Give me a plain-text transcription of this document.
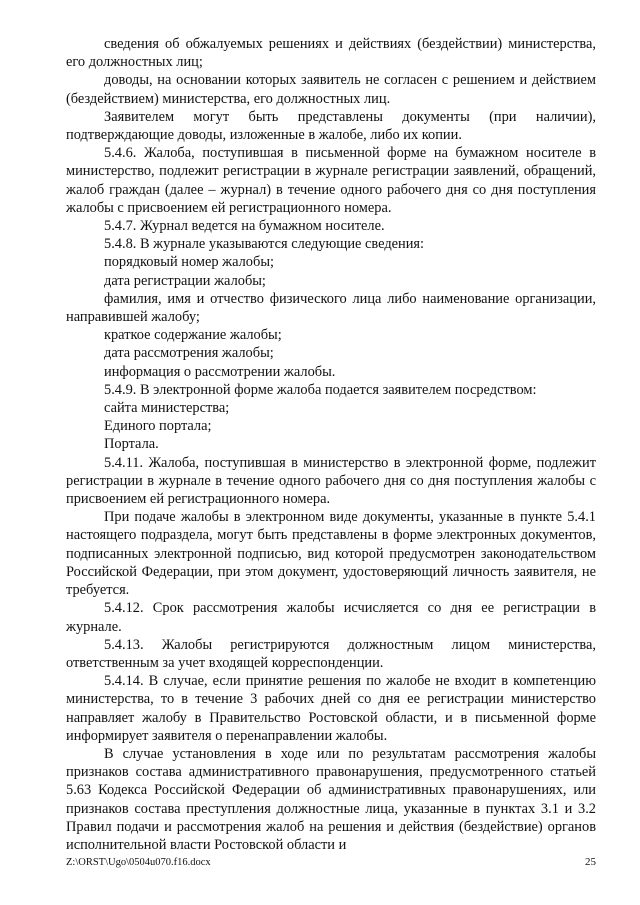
сведения об обжалуемых решениях и действиях (бездействии) министерства, его должностных лиц;

доводы, на основании которых заявитель не согласен с решением и действием (бездействием) министерства, его должностных лиц.

Заявителем могут быть представлены документы (при наличии), подтверждающие доводы, изложенные в жалобе, либо их копии.

5.4.6. Жалоба, поступившая в письменной форме на бумажном носителе в министерство, подлежит регистрации в журнале регистрации заявлений, обращений, жалоб граждан (далее – журнал) в течение одного рабочего дня со дня поступления жалобы с присвоением ей регистрационного номера.

5.4.7. Журнал ведется на бумажном носителе.

5.4.8. В журнале указываются следующие сведения:

порядковый номер жалобы;

дата регистрации жалобы;

фамилия, имя и отчество физического лица либо наименование организации, направившей жалобу;

краткое содержание жалобы;

дата рассмотрения жалобы;

информация о рассмотрении жалобы.

5.4.9. В электронной форме жалоба подается заявителем посредством:

сайта министерства;

Единого портала;

Портала.

5.4.11. Жалоба, поступившая в министерство в электронной форме, подлежит регистрации в журнале в течение одного рабочего дня со дня поступления жалобы с присвоением ей регистрационного номера.

При подаче жалобы в электронном виде документы, указанные в пункте 5.4.1 настоящего подраздела, могут быть представлены в форме электронных документов, подписанных электронной подписью, вид которой предусмотрен законодательством Российской Федерации, при этом документ, удостоверяющий личность заявителя, не требуется.

5.4.12. Срок рассмотрения жалобы исчисляется со дня ее регистрации в журнале.

5.4.13. Жалобы регистрируются должностным лицом министерства, ответственным за учет входящей корреспонденции.

5.4.14. В случае, если принятие решения по жалобе не входит в компетенцию министерства, то в течение 3 рабочих дней со дня ее регистрации министерство направляет жалобу в Правительство Ростовской области, и в письменной форме информирует заявителя о перенаправлении жалобы.

В случае установления в ходе или по результатам рассмотрения жалобы признаков состава административного правонарушения, предусмотренного статьей 5.63 Кодекса Российской Федерации об административных правонарушениях, или признаков состава преступления должностные лица, указанные в пунктах 3.1 и 3.2 Правил подачи и рассмотрения жалоб на решения и действия (бездействие) органов исполнительной власти Ростовской области и

Z:\ORST\Ugo\0504u070.f16.docx	25
